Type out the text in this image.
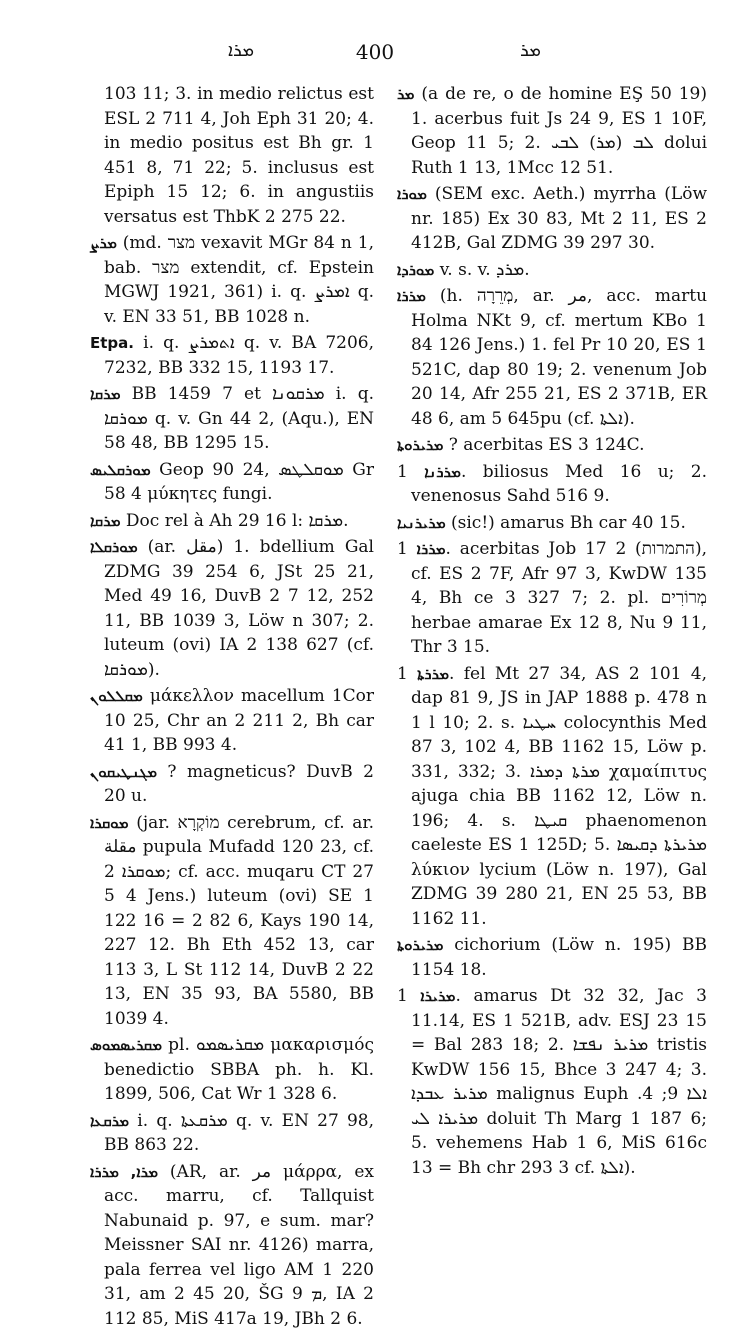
400
ܡܪܐ	ܡܪ

103 11; 3. in medio relictus est ESL 2 711 4, Joh Eph 31 20; 4. in medio positus est Bh gr. 1 451 8, 71 22; 5. inclusus est Epiph 15 12; 6. in angustiis versatus est ThbK 2 275 22.

ܡܪܨ (md. מצר vexavit MGr 84 n 1, bab. מצר extendit, cf. Epstein MGWJ 1921, 361) i. q. ܐܡܪܨ q. v. EN 33 51, BB 1028 n.

Etpa. i. q. ܐܬܡܪܨ q. v. BA 7206, 7232, BB 332 15, 1193 17.

ܡܪܩܐ BB 1459 7 et ܡܪܩܘܢܐ i. q. ܡܘܪܩܐ q. v. Gn 44 2, (Aqu.), EN 58 48, BB 1295 15.

ܡܘܪܩܠܝܣ Geop 90 24, ܡܘܩܠܛܣ Gr 58 4 μύκητες fungi.

ܡܪܩܐ Doc rel à Ah 29 16 l: ܡܪܩܐ.

ܡܘܪܩܠܐ (ar. مقل) 1. bdellium Gal ZDMG 39 254 6, JSt 25 21, Med 49 16, DuvB 2 7 12, 252 11, BB 1039 3, Löw n 307; 2. luteum (ovi) IA 2 138 627 (cf. ܡܘܪܩܐ).

ܡܩܠܠܘܢ μάκελλον macellum 1Cor 10 25, Chr an 2 211 2, Bh car 41 1, BB 993 4.

ܡܓܢܛܝܩܘܢ ? magneticus? DuvB 2 20 u.

ܡܘܩܪܐ (jar. מוֹקְרָא cerebrum, cf. ar. مقلة pupula Mufadd 120 23, cf. ܡܘܩܪܐ 2; cf. acc. muqaru CT 27 5 4 Jens.) luteum (ovi) SE 1 122 16 = 2 82 6, Kays 190 14, 227 12. Bh Eth 452 13, car 113 3, L St 112 14, DuvB 2 22 13, EN 35 93, BA 5580, BB 1039 4.

ܡܩܪܝܣܡܘܣ pl. ܡܩܪܝܣܡܘ μακαρισμός benedictio SBBA ph. h. Kl. 1899, 506, Cat Wr 1 328 6.

ܡܪܩܥܐ i. q. ܡܪܩܥܬܐ q. v. EN 27 98, BB 863 22.

ܡܪܐ, ܡܪܪܐ (AR, ar. مر μάρρα, ex acc. marru, cf. Tallquist Nabunaid p. 97, e sum. mar? Meissner SAI nr. 4126) marra, pala ferrea vel ligo AM 1 220 31, am 2 45 20, ŠG ܡ 9, IA 2 112 85, MiS 417a 19, JBh 2 6.

ܡܪ (a de re, o de homine EŞ 50 19) 1. acerbus fuit Js 24 9, ES 1 10F, Geop 11 5; 2. ܠܒ (ܡܪ) ܠܒܝ dolui Ruth 1 13, 1Mcc 12 51.

ܡܘܪܐ (SEM exc. Aeth.) myrrha (Löw nr. 185) Ex 30 83, Mt 2 11, ES 2 412B, Gal ZDMG 39 297 30.

ܡܘܪܕܐ v. s. v. ܡܪܕ.

ܡܪܪܐ (h. מְרֵרָה, ar. مر, acc. martu Holma NKt 9, cf. mertum KBo 1 84 126 Jens.) 1. fel Pr 10 20, ES 1 521C, dap 80 19; 2. venenum Job 20 14, Afr 255 21, ES 2 371B, ER 48 6, am 5 645pu (cf. ܐܠܬܐ).

ܡܪܝܪܘܬܐ ? acerbitas ES 3 124C.

ܡܪܪܢܐ 1. biliosus Med 16 u; 2. venenosus Sahd 516 9.

ܡܪܝܪܢܝܐ (sic!) amarus Bh car 40 15.

ܡܪܪܐ 1. acerbitas Job 17 2 (התמרות), cf. ES 2 7F, Afr 97 3, KwDW 135 4, Bh ce 3 327 7; 2. pl. מְרוֹרִים herbae amarae Ex 12 8, Nu 9 11, Thr 3 15.

ܡܪܪܬܐ 1. fel Mt 27 34, AS 2 101 4, dap 81 9, JS in JAP 1888 p. 478 n 1 l 10; 2. s. ܚܛܝܐ colocynthis Med 87 3, 102 4, BB 1162 15, Löw p. 331, 332; 3. ܡܪܬܐ ܕܡܪܐ χαμαίπιτυς ajuga chia BB 1162 12, Löw n. 196; 4. s. ܩܝܛܐ phaenomenon caeleste ES 1 125D; 5. ܡܪܝܪܬܐ ܕܩܝܣܐ λύκιον lycium (Löw n. 197), Gal ZDMG 39 280 21, EN 25 53, BB 1162 11.

ܡܪܝܪܘܬܐ cichorium (Löw n. 195) BB 1154 18.

ܡܪܝܪܐ 1. amarus Dt 32 32, Jac 3 11.14, ES 1 521B, adv. ESJ 23 15 = Bal 283 18; 2. ܡܪܝܪ ܢܦܫܐ tristis KwDW 156 15, Bhce 3 247 4; 3. ܡܪܝܪ ܥܒܕܐ malignus Euph ܐܠܐ 9; 4. ܡܪܝܪܐ ܠܝ doluit Th Marg 1 187 6; 5. vehemens Hab 1 6, MiS 616c 13 = Bh chr 293 3 cf. ܐܠܬܐ).
